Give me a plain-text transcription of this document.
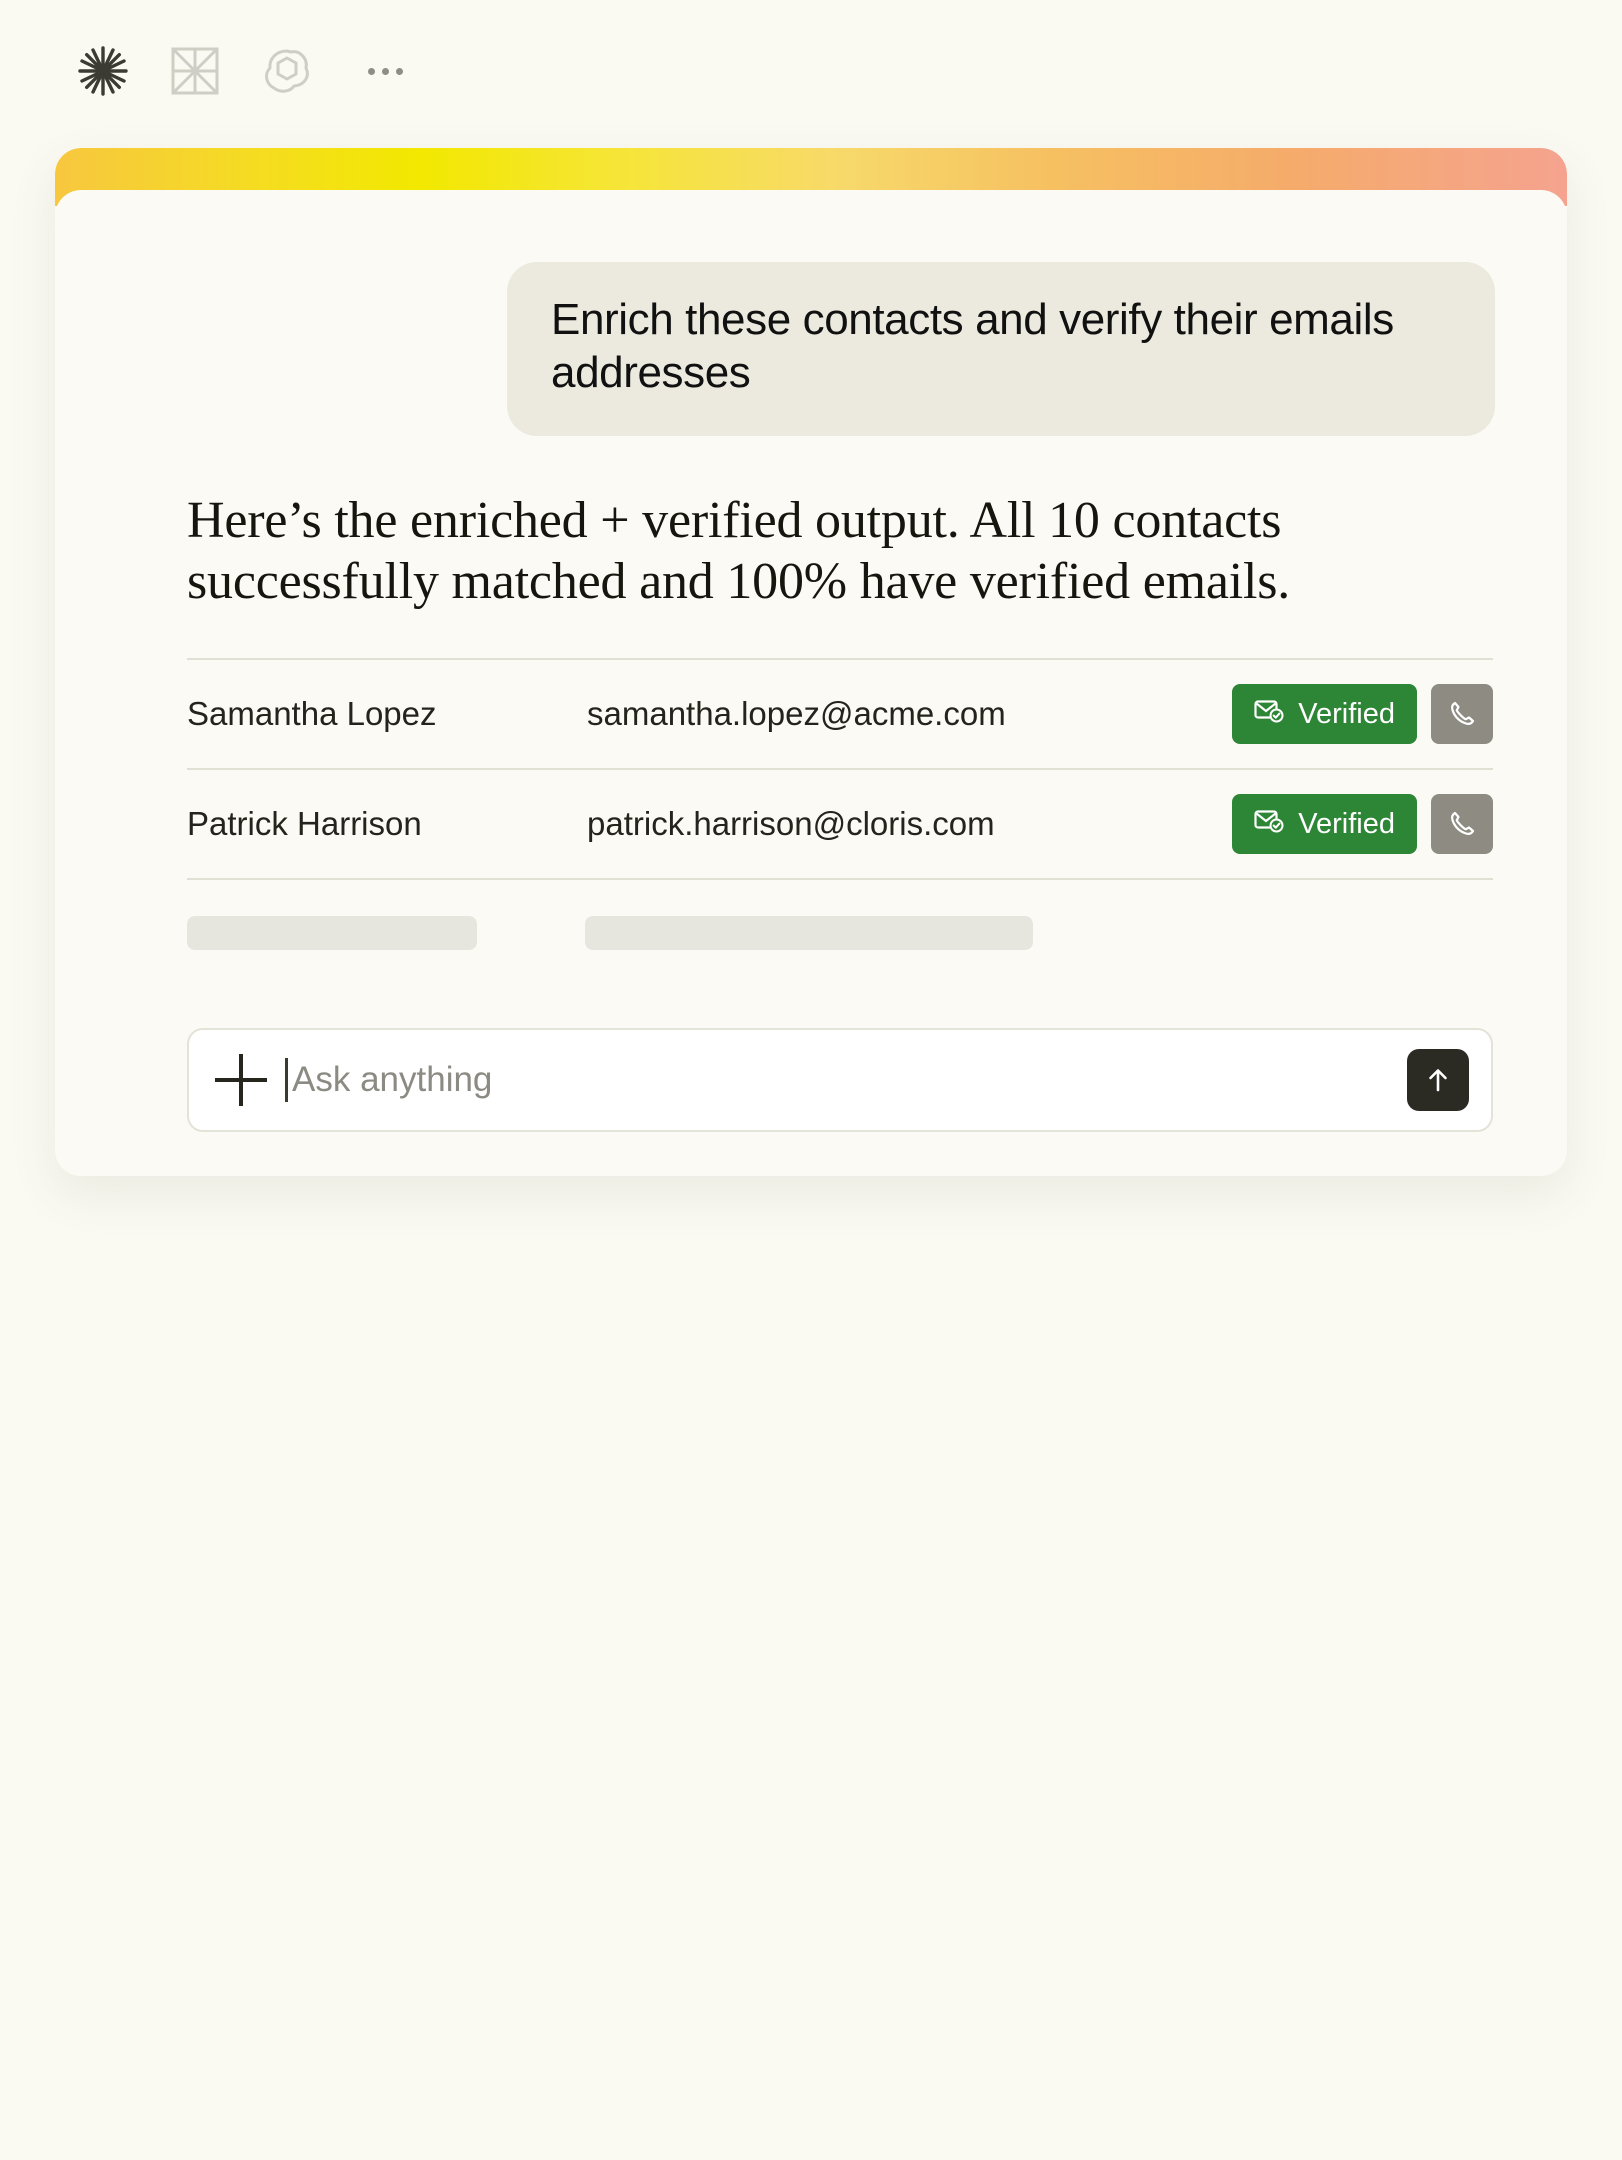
Enrich these contacts and verify their emails addresses

Here’s the enriched + verified output. All 10 contacts successfully matched and 100% have verified emails.
Samantha Lopez	samantha.lopez@acme.com	Verified
Patrick Harrison	patrick.harrison@cloris.com	Verified
Ask anything
